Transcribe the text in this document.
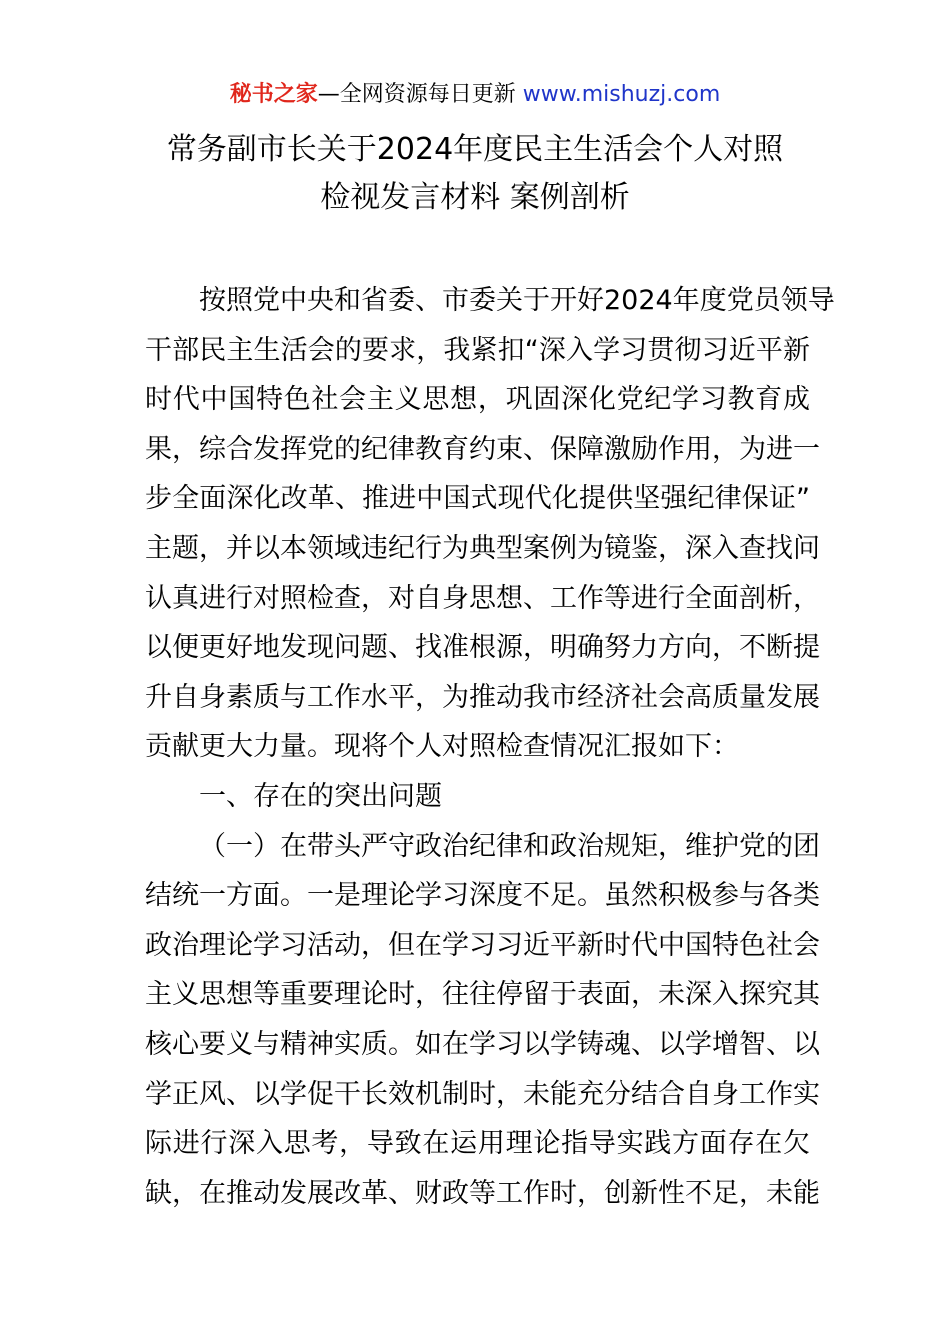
秘书之家—全网资源每日更新 www.mishuzj.com
常务副市长关于2024年度民主生活会个人对照
检视发言材料 案例剖析
按照党中央和省委、市委关于开好2024年度党员领导
干部民主生活会的要求，我紧扣“深入学习贯彻习近平新
时代中国特色社会主义思想，巩固深化党纪学习教育成
果，综合发挥党的纪律教育约束、保障激励作用，为进一
步全面深化改革、推进中国式现代化提供坚强纪律保证”
主题，并以本领域违纪行为典型案例为镜鉴，深入查找问
认真进行对照检查，对自身思想、工作等进行全面剖析，
以便更好地发现问题、找准根源，明确努力方向，不断提
升自身素质与工作水平，为推动我市经济社会高质量发展
贡献更大力量。现将个人对照检查情况汇报如下：
一、存在的突出问题
（一）在带头严守政治纪律和政治规矩，维护党的团
结统一方面。一是理论学习深度不足。虽然积极参与各类
政治理论学习活动，但在学习习近平新时代中国特色社会
主义思想等重要理论时，往往停留于表面，未深入探究其
核心要义与精神实质。如在学习以学铸魂、以学增智、以
学正风、以学促干长效机制时，未能充分结合自身工作实
际进行深入思考，导致在运用理论指导实践方面存在欠
缺，在推动发展改革、财政等工作时，创新性不足，未能
